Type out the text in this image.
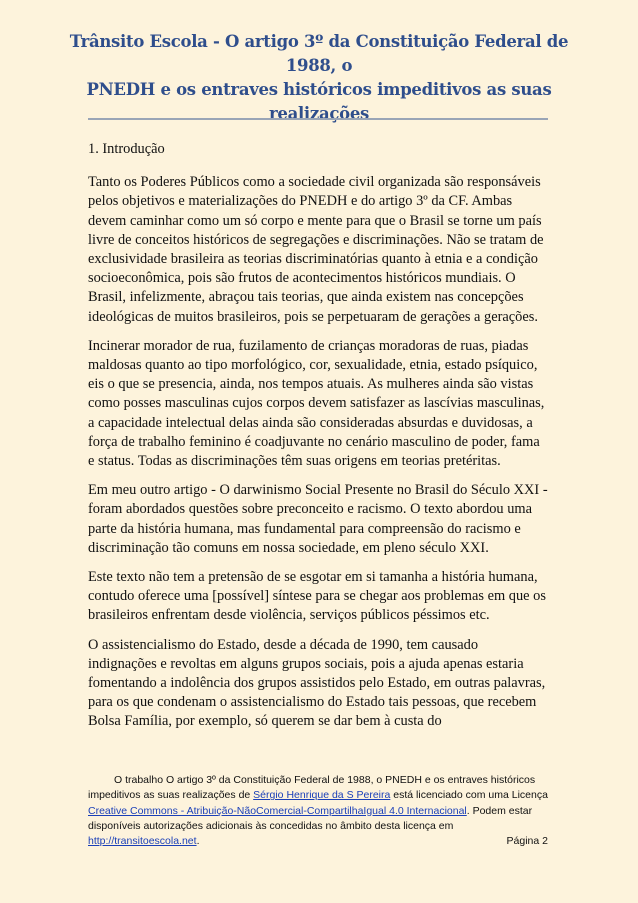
Trânsito Escola - O artigo 3º da Constituição Federal de 1988, o
PNEDH e os entraves históricos impeditivos as suas realizações

1. Introdução

Tanto os Poderes Públicos como a sociedade civil organizada são responsáveis pelos objetivos e materializações do PNEDH e do artigo 3º da CF. Ambas devem caminhar como um só corpo e mente para que o Brasil se torne um país livre de conceitos históricos de segregações e discriminações. Não se tratam de exclusividade brasileira as teorias discriminatórias quanto à etnia e a condição socioeconômica, pois são frutos de acontecimentos históricos mundiais. O Brasil, infelizmente, abraçou tais teorias, que ainda existem nas concepções ideológicas de muitos brasileiros, pois se perpetuaram de gerações a gerações.

Incinerar morador de rua, fuzilamento de crianças moradoras de ruas, piadas maldosas quanto ao tipo morfológico, cor, sexualidade, etnia, estado psíquico, eis o que se presencia, ainda, nos tempos atuais. As mulheres ainda são vistas como posses masculinas cujos corpos devem satisfazer as lascívias masculinas, a capacidade intelectual delas ainda são consideradas absurdas e duvidosas, a força de trabalho feminino é coadjuvante no cenário masculino de poder, fama e status. Todas as discriminações têm suas origens em teorias pretéritas.

Em meu outro artigo - O darwinismo Social Presente no Brasil do Século XXI - foram abordados questões sobre preconceito e racismo. O texto abordou uma parte da história humana, mas fundamental para compreensão do racismo e discriminação tão comuns em nossa sociedade, em pleno século XXI.

Este texto não tem a pretensão de se esgotar em si tamanha a história humana, contudo oferece uma [possível] síntese para se chegar aos problemas em que os brasileiros enfrentam desde violência, serviços públicos péssimos etc.

O assistencialismo do Estado, desde a década de 1990, tem causado indignações e revoltas em alguns grupos sociais, pois a ajuda apenas estaria fomentando a indolência dos grupos assistidos pelo Estado, em outras palavras, para os que condenam o assistencialismo do Estado tais pessoas, que recebem Bolsa Família, por exemplo, só querem se dar bem à custa do

O trabalho O artigo 3º da Constituição Federal de 1988, o PNEDH e os entraves históricos impeditivos as suas realizações de Sérgio Henrique da S Pereira está licenciado com uma Licença Creative Commons - Atribuição-NãoComercial-CompartilhaIgual 4.0 Internacional. Podem estar disponíveis autorizações adicionais às concedidas no âmbito desta licença em http://transitoescola.net.	Página 2
